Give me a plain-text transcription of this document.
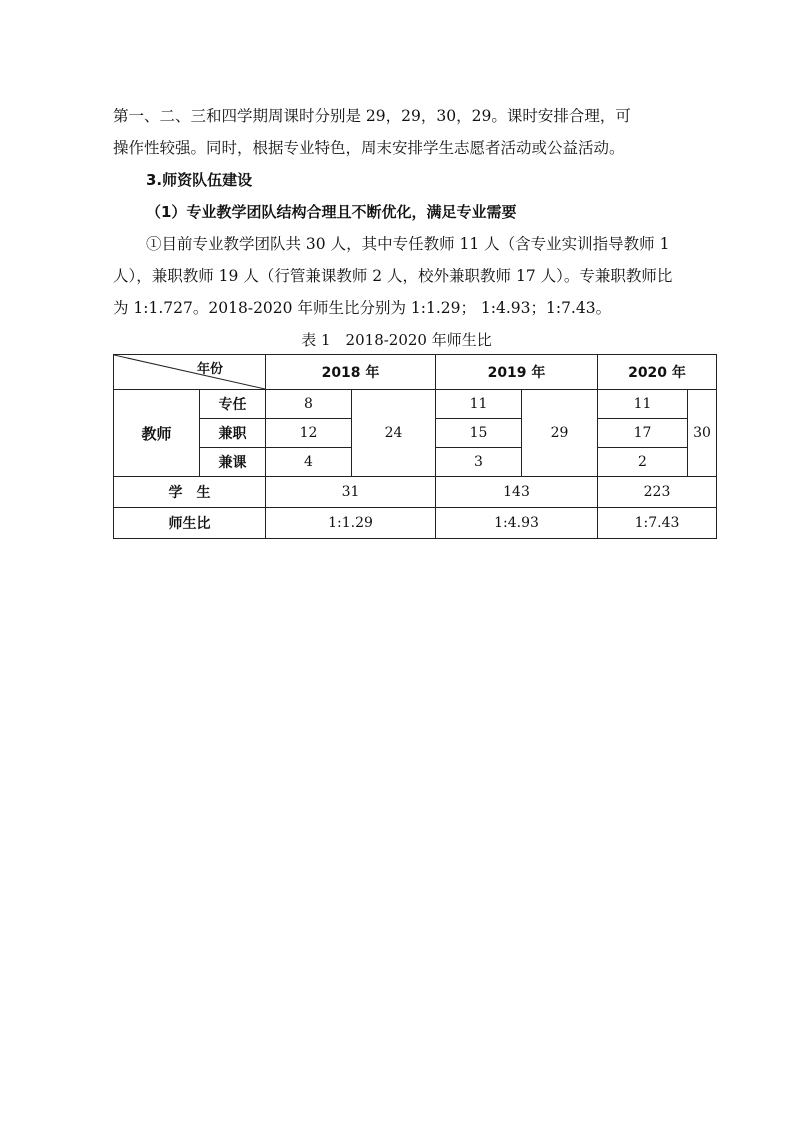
第一、二、三和四学期周课时分别是 29，29，30，29。课时安排合理，可

操作性较强。同时，根据专业特色，周末安排学生志愿者活动或公益活动。

3.师资队伍建设

（1）专业教学团队结构合理且不断优化，满足专业需要

①目前专业教学团队共 30 人，其中专任教师 11 人（含专业实训指导教师 1

人），兼职教师 19 人（行管兼课教师 2 人，校外兼职教师 17 人）。专兼职教师比

为 1:1.727。2018-2020 年师生比分别为 1:1.29； 1:4.93；1:7.43。

表 1　2018-2020 年师生比
年份		2018 年		2019 年		2020 年	
教师	专任	8	24	11	29	11	30
	兼职	12		15		17	
	兼课	4		3		2	
学　生		31		143		223	
师生比		1:1.29		1:4.93		1:7.43	
